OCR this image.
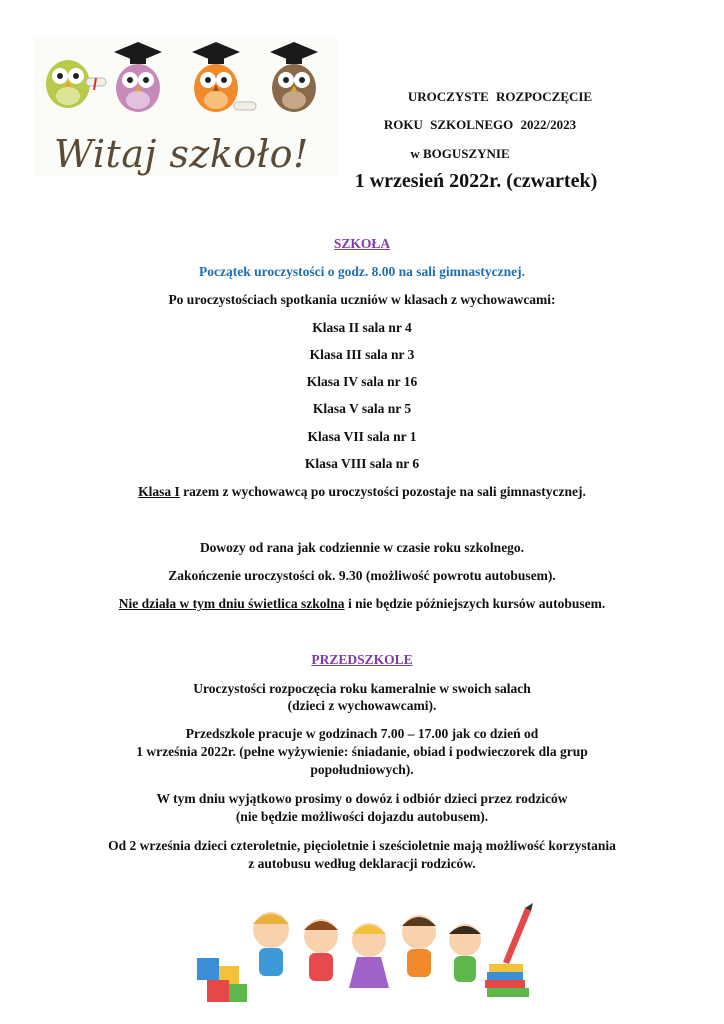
Witaj szkoło!
UROCZYSTE ROZPOCZĘCIE
ROKU SZKOLNEGO 2022/2023
w BOGUSZYNIE
1 wrzesień 2022r. (czwartek)
SZKOŁA
Początek uroczystości o godz. 8.00 na sali gimnastycznej.
Po uroczystościach spotkania uczniów w klasach z wychowawcami:
Klasa II sala nr 4
Klasa III sala nr 3
Klasa IV sala nr 16
Klasa V sala nr 5
Klasa VII sala nr 1
Klasa VIII sala nr 6
Klasa I razem z wychowawcą po uroczystości pozostaje na sali gimnastycznej.
Dowozy od rana jak codziennie w czasie roku szkolnego.
Zakończenie uroczystości ok. 9.30 (możliwość powrotu autobusem).
Nie działa w tym dniu świetlica szkolna i nie będzie późniejszych kursów autobusem.
PRZEDSZKOLE
Uroczystości rozpoczęcia roku kameralnie w swoich salach
(dzieci z wychowawcami).
Przedszkole pracuje w godzinach 7.00 – 17.00 jak co dzień od
1 września 2022r. (pełne wyżywienie: śniadanie, obiad i podwieczorek dla grup
popołudniowych).
W tym dniu wyjątkowo prosimy o dowóz i odbiór dzieci przez rodziców
(nie będzie możliwości dojazdu autobusem).
Od 2 września dzieci czteroletnie, pięcioletnie i sześcioletnie mają możliwość korzystania
z autobusu według deklaracji rodziców.
